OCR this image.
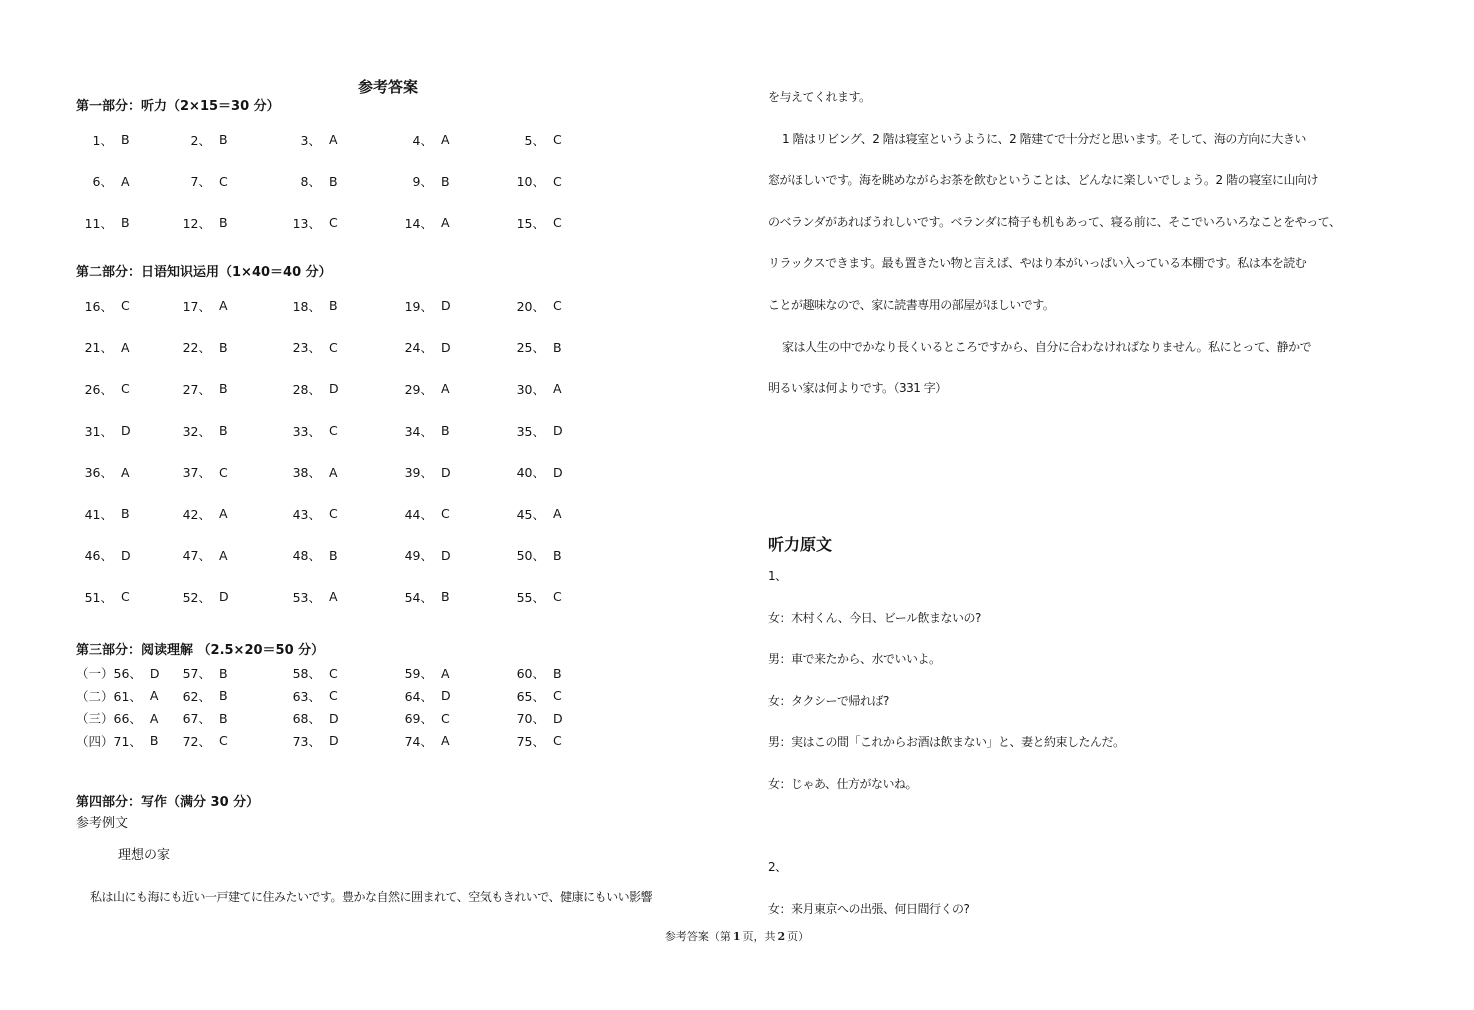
参考答案
第一部分：听力（2×15＝30 分）
1、 B	2、 B	3、 A	4、 A	5、 C
6、 A	7、 C	8、 B	9、 B	10、 C
11、 B	12、 B	13、 C	14、 A	15、 C
第二部分：日语知识运用（1×40＝40 分）
16、 C	17、 A	18、 B	19、 D	20、 C
21、 A	22、 B	23、 C	24、 D	25、 B
26、 C	27、 B	28、 D	29、 A	30、 A
31、 D	32、 B	33、 C	34、 B	35、 D
36、 A	37、 C	38、 A	39、 D	40、 D
41、 B	42、 A	43、 C	44、 C	45、 A
46、 D	47、 A	48、 B	49、 D	50、 B
51、 C	52、 D	53、 A	54、 B	55、 C
第三部分：阅读理解 （2.5×20＝50 分）
（一） 56、 D	57、 B	58、 C	59、 A	60、 B
（二） 61、 A	62、 B	63、 C	64、 D	65、 C
（三） 66、 A	67、 B	68、 D	69、 C	70、 D
（四） 71、 B	72、 C	73、 D	74、 A	75、 C
第四部分：写作（满分 30 分）
参考例文
理想の家
私は山にも海にも近い一戸建てに住みたいです。豊かな自然に囲まれて、空気もきれいで、健康にもいい影響
を与えてくれます。
1 階はリビング、2 階は寝室というように、2 階建てで十分だと思います。そして、海の方向に大きい
窓がほしいです。海を眺めながらお茶を飲むということは、どんなに楽しいでしょう。2 階の寝室に山向け
のベランダがあればうれしいです。ベランダに椅子も机もあって、寝る前に、そこでいろいろなことをやって、
リラックスできます。最も置きたい物と言えば、やはり本がいっぱい入っている本棚です。私は本を読む
ことが趣味なので、家に読書専用の部屋がほしいです。
家は人生の中でかなり長くいるところですから、自分に合わなければなりません。私にとって、静かで
明るい家は何よりです。（331 字）
听力原文
1、
女：木村くん、今日、ビール飲まないの?
男：車で来たから、水でいいよ。
女：タクシーで帰れば?
男：実はこの間「これからお酒は飲まない」と、妻と約束したんだ。
女：じゃあ、仕方がないね。
2、
女：来月東京への出張、何日間行くの?
参考答案（第 1 页，共 2 页）
